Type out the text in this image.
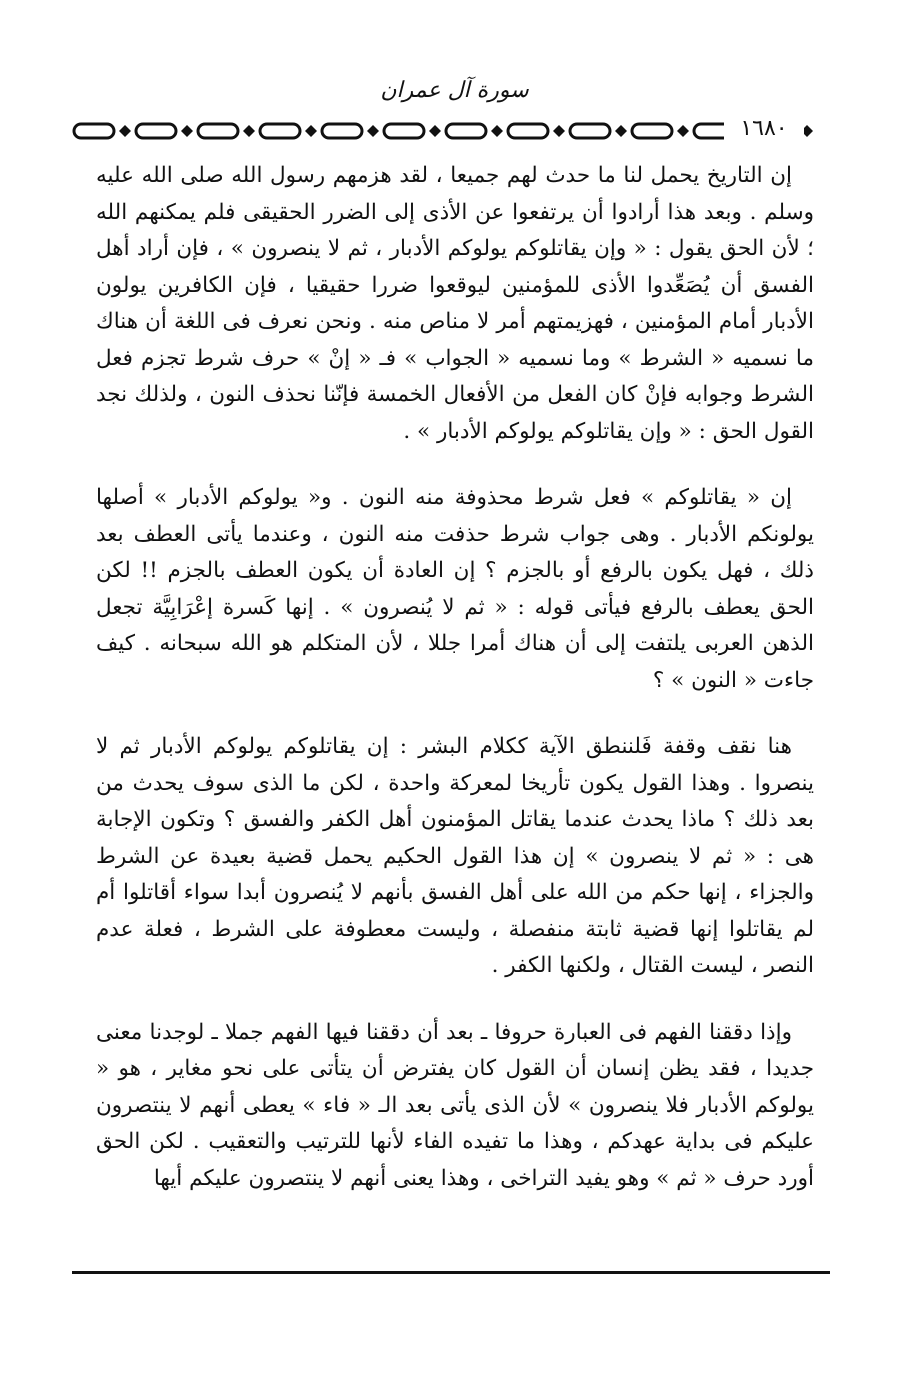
سورة آل عمران
١٦٨٠

إن التاريخ يحمل لنا ما حدث لهم جميعا ، لقد هزمهم رسول الله صلى الله عليه وسلم . وبعد هذا أرادوا أن يرتفعوا عن الأذى إلى الضرر الحقيقى فلم يمكنهم الله ؛ لأن الحق يقول : « وإن يقاتلوكم يولوكم الأدبار ، ثم لا ينصرون » ، فإن أراد أهل الفسق أن يُصَعِّدوا الأذى للمؤمنين ليوقعوا ضررا حقيقيا ، فإن الكافرين يولون الأدبار أمام المؤمنين ، فهزيمتهم أمر لا مناص منه . ونحن نعرف فى اللغة أن هناك ما نسميه « الشرط » وما نسميه « الجواب » فـ « إنْ » حرف شرط تجزم فعل الشرط وجوابه فإنْ كان الفعل من الأفعال الخمسة فإنّنا نحذف النون ، ولذلك نجد القول الحق : « وإن يقاتلوكم يولوكم الأدبار » .

إن « يقاتلوكم » فعل شرط محذوفة منه النون . و« يولوكم الأدبار » أصلها يولونكم الأدبار . وهى جواب شرط حذفت منه النون ، وعندما يأتى العطف بعد ذلك ، فهل يكون بالرفع أو بالجزم ؟ إن العادة أن يكون العطف بالجزم !! لكن الحق يعطف بالرفع فيأتى قوله : « ثم لا يُنصرون » . إنها كَسرة إعْرَابِيَّة تجعل الذهن العربى يلتفت إلى أن هناك أمرا جللا ، لأن المتكلم هو الله سبحانه . كيف جاءت « النون » ؟

هنا نقف وقفة فَلننطق الآية ككلام البشر : إن يقاتلوكم يولوكم الأدبار ثم لا ينصروا . وهذا القول يكون تأريخا لمعركة واحدة ، لكن ما الذى سوف يحدث من بعد ذلك ؟ ماذا يحدث عندما يقاتل المؤمنون أهل الكفر والفسق ؟ وتكون الإجابة هى : « ثم لا ينصرون » إن هذا القول الحكيم يحمل قضية بعيدة عن الشرط والجزاء ، إنها حكم من الله على أهل الفسق بأنهم لا يُنصرون أبدا سواء أقاتلوا أم لم يقاتلوا إنها قضية ثابتة منفصلة ، وليست معطوفة على الشرط ، فعلة عدم النصر ، ليست القتال ، ولكنها الكفر .

وإذا دققنا الفهم فى العبارة حروفا ـ بعد أن دققنا فيها الفهم جملا ـ لوجدنا معنى جديدا ، فقد يظن إنسان أن القول كان يفترض أن يتأتى على نحو مغاير ، هو « يولوكم الأدبار فلا ينصرون » لأن الذى يأتى بعد الـ « فاء » يعطى أنهم لا ينتصرون عليكم فى بداية عهدكم ، وهذا ما تفيده الفاء لأنها للترتيب والتعقيب . لكن الحق أورد حرف « ثم » وهو يفيد التراخى ، وهذا يعنى أنهم لا ينتصرون عليكم أيها
